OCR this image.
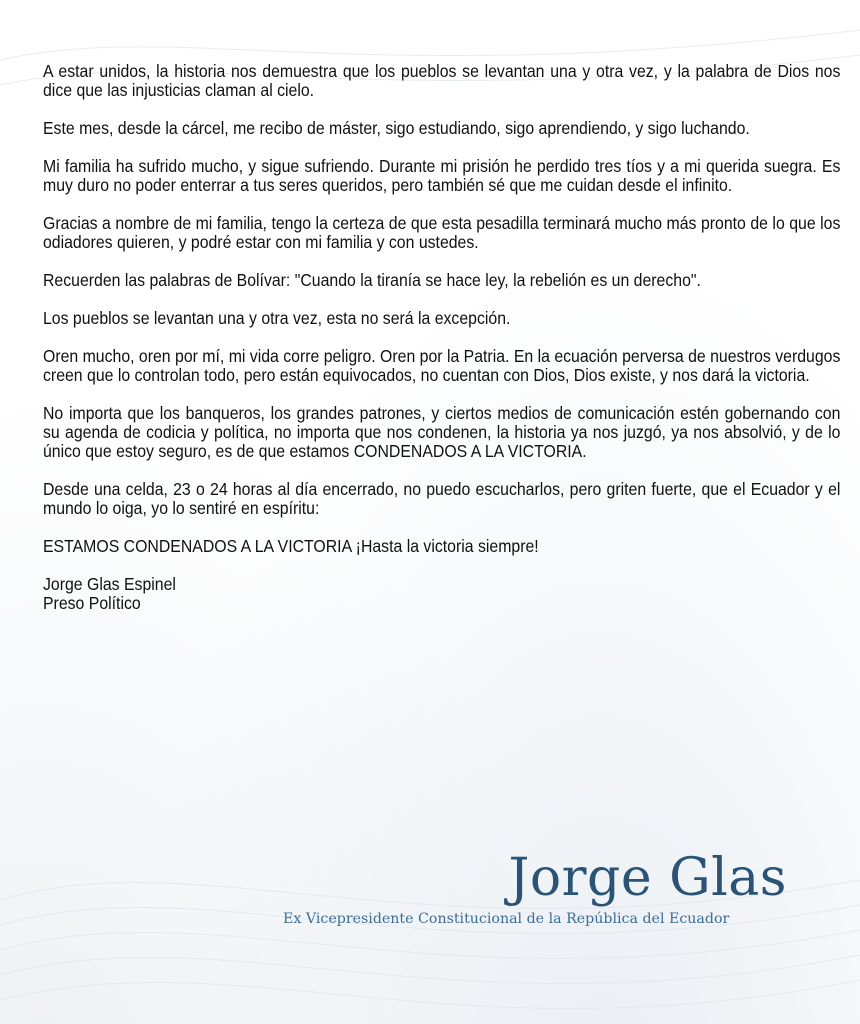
A estar unidos, la historia nos demuestra que los pueblos se levantan una y otra vez, y la palabra de Dios nos dice que las injusticias claman al cielo.

Este mes, desde la cárcel, me recibo de máster, sigo estudiando, sigo aprendiendo, y sigo luchando.

Mi familia ha sufrido mucho, y sigue sufriendo. Durante mi prisión he perdido tres tíos y a mi querida suegra. Es muy duro no poder enterrar a tus seres queridos, pero también sé que me cuidan desde el infinito.

Gracias a nombre de mi familia, tengo la certeza de que esta pesadilla terminará mucho más pronto de lo que los odiadores quieren, y podré estar con mi familia y con ustedes.

Recuerden las palabras de Bolívar: "Cuando la tiranía se hace ley, la rebelión es un derecho".

Los pueblos se levantan una y otra vez, esta no será la excepción.

Oren mucho, oren por mí, mi vida corre peligro. Oren por la Patria. En la ecuación perversa de nuestros verdugos creen que lo controlan todo, pero están equivocados, no cuentan con Dios, Dios existe, y nos dará la victoria.

No importa que los banqueros, los grandes patrones, y ciertos medios de comunicación estén gobernando con su agenda de codicia y política, no importa que nos condenen, la historia ya nos juzgó, ya nos absolvió, y de lo único que estoy seguro, es de que estamos CONDENADOS A LA VICTORIA.

Desde una celda, 23 o 24 horas al día encerrado, no puedo escucharlos, pero griten fuerte, que el Ecuador y el mundo lo oiga, yo lo sentiré en espíritu:

ESTAMOS CONDENADOS A LA VICTORIA ¡Hasta la victoria siempre!

Jorge Glas Espinel

Preso Político

Jorge Glas
Ex Vicepresidente Constitucional de la República del Ecuador
